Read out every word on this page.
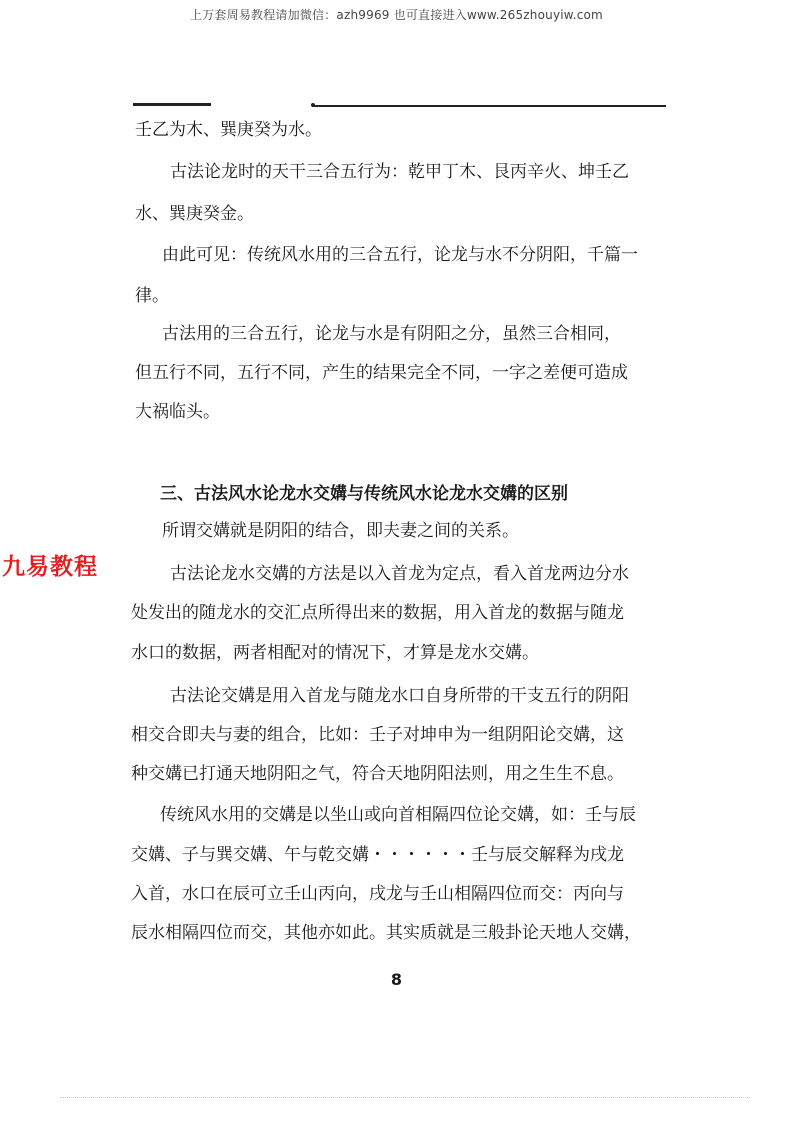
上万套周易教程请加微信：azh9969 也可直接进入www.265zhouyiw.com
九易教程
壬乙为木、巽庚癸为水。
古法论龙时的天干三合五行为：乾甲丁木、艮丙辛火、坤壬乙
水、巽庚癸金。
由此可见：传统风水用的三合五行，论龙与水不分阴阳，千篇一
律。
古法用的三合五行，论龙与水是有阴阳之分，虽然三合相同，
但五行不同，五行不同，产生的结果完全不同，一字之差便可造成
大祸临头。
三、古法风水论龙水交媾与传统风水论龙水交媾的区别
所谓交媾就是阴阳的结合，即夫妻之间的关系。
古法论龙水交媾的方法是以入首龙为定点，看入首龙两边分水
处发出的随龙水的交汇点所得出来的数据，用入首龙的数据与随龙
水口的数据，两者相配对的情况下，才算是龙水交媾。
古法论交媾是用入首龙与随龙水口自身所带的干支五行的阴阳
相交合即夫与妻的组合，比如：壬子对坤申为一组阴阳论交媾，这
种交媾已打通天地阴阳之气，符合天地阴阳法则，用之生生不息。
传统风水用的交媾是以坐山或向首相隔四位论交媾，如：壬与辰
交媾、子与巽交媾、午与乾交媾・・・・・・壬与辰交解释为戌龙
入首，水口在辰可立壬山丙向，戌龙与壬山相隔四位而交：丙向与
辰水相隔四位而交，其他亦如此。其实质就是三般卦论天地人交媾，
8
